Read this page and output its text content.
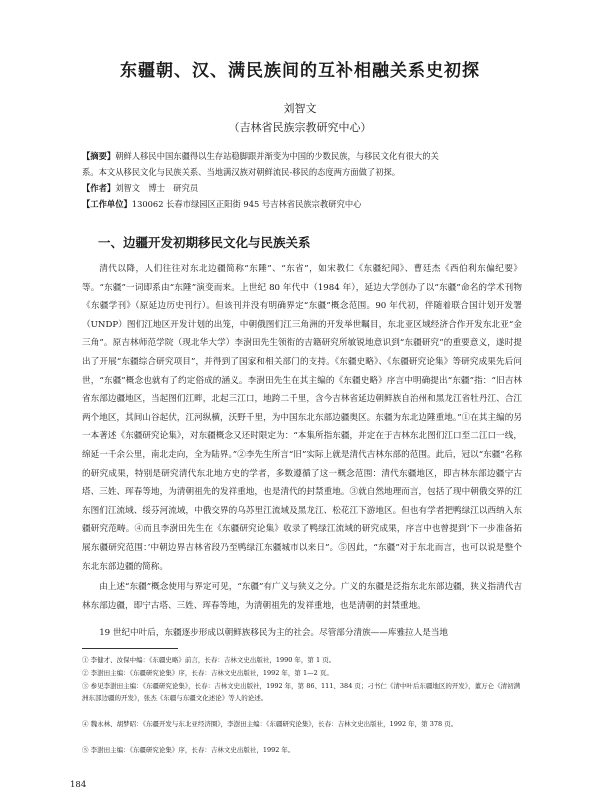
东疆朝、汉、满民族间的互补相融关系史初探
刘智文
（吉林省民族宗教研究中心）
【摘要】朝鲜人移民中国东疆得以生存站稳脚跟并渐变为中国的少数民族，与移民文化有很大的关
系。本文从移民文化与民族关系、当地满汉族对朝鲜流民-移民的态度两方面做了初探。
【作者】刘智文　博士　研究员
【工作单位】130062 长春市绿园区正阳街 945 号吉林省民族宗教研究中心
一、边疆开发初期移民文化与民族关系

清代以降，人们往往对东北边疆简称“东陲”、“东省”，如宋教仁《东疆纪闻》、曹廷杰《西伯利东偏纪要》等。“东疆”一词即系由“东陲”演变而来。上世纪 80 年代中（1984 年），延边大学创办了以“东疆”命名的学术刊物《东疆学刊》（原延边历史刊行）。但该刊并没有明确界定“东疆”概念范围。90 年代初，伴随着联合国计划开发署（UNDP）图们江地区开发计划的出笼，中朝俄图们江三角洲的开发举世瞩目，东北亚区域经济合作开发东北亚“金三角”。原吉林师范学院（现北华大学）李澍田先生领衔的吉籍研究所敏锐地意识到“东疆研究”的重要意义，遂时提出了开展“东疆综合研究项目”，并得到了国家和相关部门的支持。《东疆史略》、《东疆研究论集》等研究成果先后问世，“东疆”概念也就有了约定俗成的涵义。李澍田先生在其主编的《东疆史略》序言中明确提出“东疆”指：“旧吉林省东部边疆地区，当起图们江畔，北起三江口，地跨二千里，含今吉林省延边朝鲜族自治州和黑龙江省牡丹江、合江两个地区，其间山谷起伏，江河纵横，沃野千里，为中国东北东部边疆奥区。东疆为东北边陲重地。”①在其主编的另一本著述《东疆研究论集》，对东疆概念又还时限定为：“本集所指东疆，并定在于吉林东北图们江口至二江口一线，绵延一千余公里，南北走向，全为陆界。”②李先生所言“旧”实际上就是清代吉林东部的范围。此后，冠以“东疆”名称的研究成果，特别是研究清代东北地方史的学者，多数遵循了这一概念范围：清代东疆地区，即吉林东部边疆宁古塔、三姓、珲春等地，为清朝祖先的发祥重地，也是清代的封禁重地。③就自然地理而言，包括了现中朝俄交界的江东图们江流域、绥芬河流域，中俄交界的乌苏里江流域及黑龙江、松花江下游地区。但也有学者把鸭绿江以西纳入东疆研究范畴。④而且李澍田先生在《东疆研究论集》收录了鸭绿江流域的研究成果，序言中也曾提到‘下一步准备拓展东疆研究范围：’中朝边界吉林省段乃至鸭绿江东疆城市以来日”。⑤因此，“东疆”对于东北而言，也可以说是整个东北东部边疆的简称。

由上述“东疆”概念使用与界定可见，“东疆”有广义与狭义之分。广义的东疆是泛指东北东部边疆，狭义指清代吉林东部边疆，即宁古塔、三姓、珲春等地，为清朝祖先的发祥重地，也是清朝的封禁重地。

19 世纪中叶后，东疆逐步形成以朝鲜族移民为主的社会。尽管部分清族——库雅拉人是当地

① 李健才、汝保中编：《东疆史略》前言，长春：吉林文史出版社，1990 年，第 1 页。

② 李澍田主编：《东疆研究论集》序，长春：吉林文史出版社，1992 年，第 1—2 页。

③ 参见李澍田主编：《东疆研究论集》，长春：吉林文史出版社，1992 年，第 86、111、384 页；刁书仁《清中叶后东疆地区的开发》，董万仑《清初满洲东部边疆的开发》，张杰《东疆与东疆文化述论》等人的论述。

④ 魏永林、胡梦昭：《东疆开发与东北亚经济圈》，李澍田主编：《东疆研究论集》，长春：吉林文史出版社，1992 年，第 378 页。

⑤ 李澍田主编：《东疆研究论集》序，长春：吉林文史出版社，1992 年。

184
